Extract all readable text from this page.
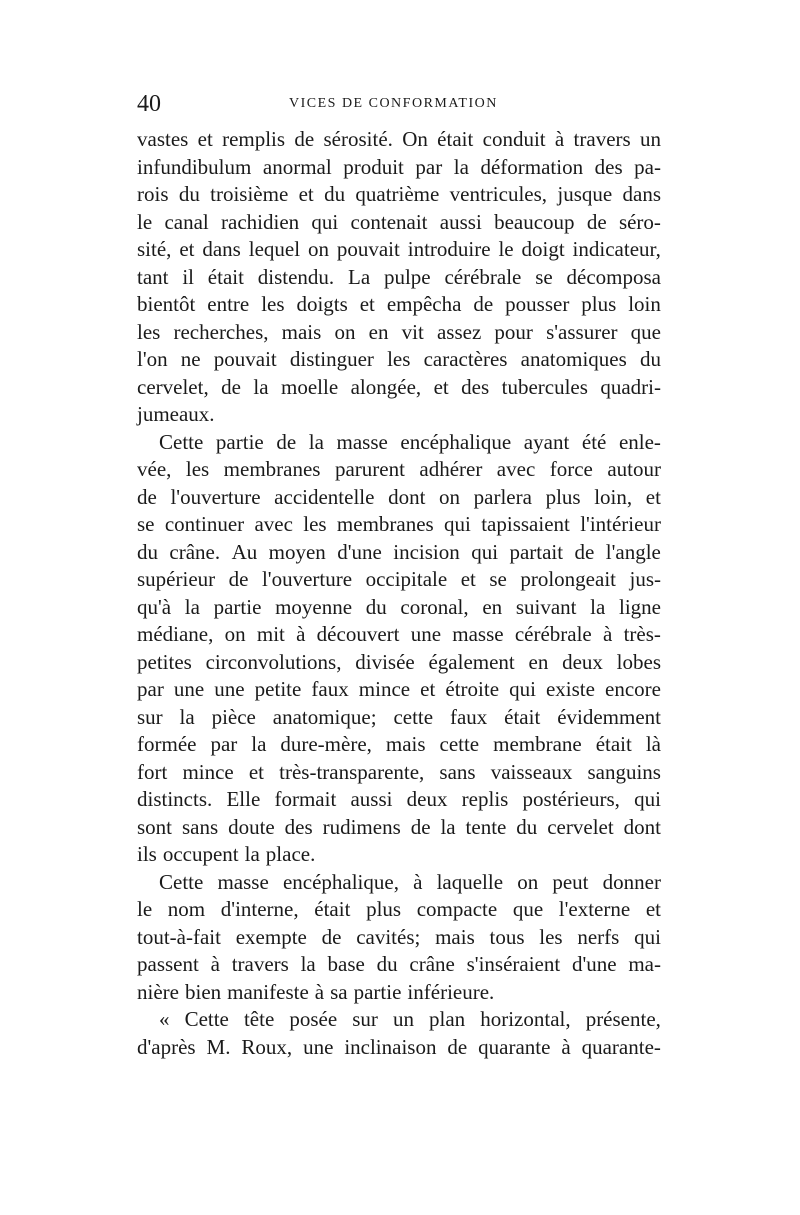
40	VICES DE CONFORMATION
vastes et remplis de sérosité. On était conduit à travers un
infundibulum anormal produit par la déformation des pa-
rois du troisième et du quatrième ventricules, jusque dans
le canal rachidien qui contenait aussi beaucoup de séro-
sité, et dans lequel on pouvait introduire le doigt indicateur,
tant il était distendu. La pulpe cérébrale se décomposa
bientôt entre les doigts et empêcha de pousser plus loin
les recherches, mais on en vit assez pour s'assurer que
l'on ne pouvait distinguer les caractères anatomiques du
cervelet, de la moelle alongée, et des tubercules quadri-
jumeaux.
Cette partie de la masse encéphalique ayant été enle-
vée, les membranes parurent adhérer avec force autour
de l'ouverture accidentelle dont on parlera plus loin, et
se continuer avec les membranes qui tapissaient l'intérieur
du crâne. Au moyen d'une incision qui partait de l'angle
supérieur de l'ouverture occipitale et se prolongeait jus-
qu'à la partie moyenne du coronal, en suivant la ligne
médiane, on mit à découvert une masse cérébrale à très-
petites circonvolutions, divisée également en deux lobes
par une une petite faux mince et étroite qui existe encore
sur la pièce anatomique; cette faux était évidemment
formée par la dure-mère, mais cette membrane était là
fort mince et très-transparente, sans vaisseaux sanguins
distincts. Elle formait aussi deux replis postérieurs, qui
sont sans doute des rudimens de la tente du cervelet dont
ils occupent la place.
Cette masse encéphalique, à laquelle on peut donner
le nom d'interne, était plus compacte que l'externe et
tout-à-fait exempte de cavités; mais tous les nerfs qui
passent à travers la base du crâne s'inséraient d'une ma-
nière bien manifeste à sa partie inférieure.
« Cette tête posée sur un plan horizontal, présente,
d'après M. Roux, une inclinaison de quarante à quarante-
